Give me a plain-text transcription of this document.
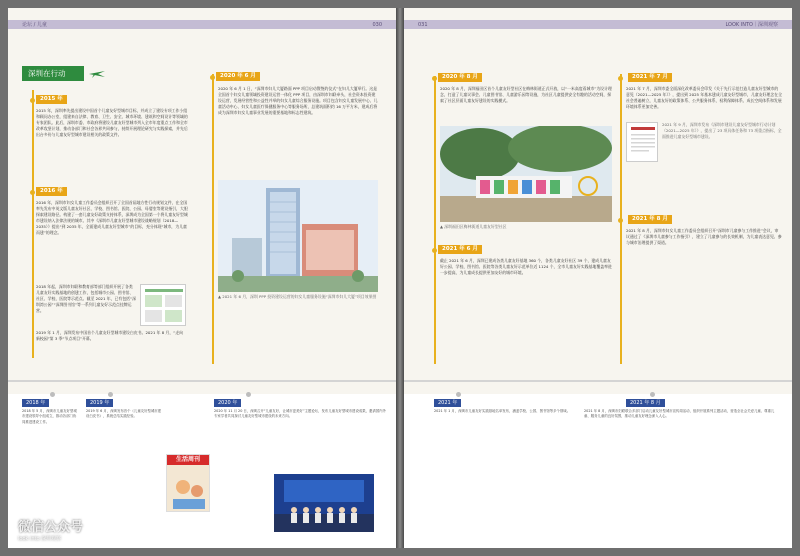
论坛 / 儿童	030
深圳在行动
2015 年
2015 年，深圳率先提出建设中国首个儿童友好型城市目标，并成立了建设专项工作小组和顾问办公室，组建来自法律、教育、卫生、安全、城市环境、建筑和空间设计等领域的专家团队。此后，深圳市委、市政府将建设儿童友好型城市列入全市年度重点工作和全市改革攻坚计划，推动各部门和社会各界共同参与，持续开展理论研究与实践探索，并先后出台多份与儿童友好型城市建设相关的政策文件。
2016 年
2016 年，深圳市妇女儿童工作委员会组织召开了全国首届地方性行动规划文件，在全国率先发布中英文版儿童友好社区、学校、图书馆、医院、公园、母婴室等建设指引，大胆探索建设路径。构建了一套儿童友好政策支持体系，深圳成为全国第一个将儿童友好型城市建设纳入法律法规的城市。其中《深圳市儿童友好型城市建设战略规划（2018—2035）》提出“到 2035 年，全面建成儿童友好型城市”的目标，充分体现“城市，为儿童而建”的理念。
2018 年起，深圳市妇联和教育部等部门组织开展了各类儿童友好实践基地的创建工作，包括城市公园、图书馆、社区、学校、医院等示范点。截至 2021 年，已有包括“深圳湾公园”“深圳图书馆”等一系列儿童友好示范点挂牌运营。
2019 年 1 月，深圳发布中国首个儿童友好型城市建设白皮书。2021 年 8 月，“走向新校园”第 3 季“节点项目”开幕。
2020 年 6 月
2020 年 6 月 1 日，“深圳市妇儿大厦路面 PPP 项目启动暨签约仪式”在妇儿大厦举行。这是全国首个妇女儿童领域投资建设运营一体化 PPP 项目，由深圳市妇联牵头，社会资本投资建设运营，发展经营性和公益性并举的妇女儿童综合服务设施。项目包含妇女儿童发展中心、儿童活动中心、妇女儿童医疗保健服务中心等服务场所，总建筑面积约 16 万平方米，建成后将成为深圳市妇女儿童事业发展的重要基地和标志性建筑。
▲ 2021 年 6 月，深圳 PPP 投资建设运营的妇女儿童服务设施“深圳市妇儿大厦”项目效果图
2018 年
2018 年 5 月，深圳市儿童友好型城市建设领导小组成立，推动各部门协同推进建设工作。
2019 年
2019 年 6 月，深圳发布首个《儿童友好型城市建设白皮书》，系统总结实践经验。
生活周刊
2020 年
2020 年 11 月 20 日，深圳召开“儿童友好，让城市更美好”主题论坛，发布儿童友好型城市建设成果，邀请国内外专家学者共同探讨儿童友好型城市建设的未来方向。
微信公众号
look into 深圳观察
031	LOOK INTO｜深圳观察
2020 年 8 月
2020 年 8 月，深圳福田区首个儿童友好型社区在梅林街道正式开放，以“一米高度看城市”为设计理念，打造了儿童议事会、儿童图书馆、儿童游乐园等设施，为社区儿童提供安全有趣的活动空间，探索了社区层面儿童友好建设的实践模式。
▲ 深圳福田区梅林街道儿童友好型社区
2021 年 6 月
截止 2021 年 6 月，深圳已建成各类儿童友好基地 360 个，各类儿童友好社区 39 个，建成儿童友好公园、学校、图书馆、医院等各类儿童友好示范单位近 1124 个，全市儿童友好实践基地覆盖率进一步提高，为儿童成长提供更加友好的城市环境。
2021 年 7 月
2021 年 7 月，深圳市委全面深化改革委员会印发《关于先行示范打造儿童友好型城市的意见（2021—2025 年）》，提出到 2025 年基本建成儿童友好型城市，儿童友好理念在全社会普遍树立，儿童友好的政策体系、公共服务体系、权利保障体系、成长空间体系和发展环境体系更加完善。
2021 年 9 月，深圳市发布《深圳市建设儿童友好型城市行动计划（2021—2025 年）》，提出了 23 项具体任务和 73 项重点指标，全面推进儿童友好型城市建设。
2021 年 8 月
2021 年 8 月，深圳市妇女儿童工作委员会组织召开“深圳市儿童参与工作推进”会议，审议通过了《深圳市儿童参与工作指引》，建立了儿童参与的长效机制，为儿童表达意见、参与城市治理提供了渠道。
2021 年
2021 年 1 月，深圳市儿童友好实践基地名单发布，涵盖学校、公园、图书馆等多个领域。
2021 年 8 月
2021 年 8 月，深圳市妇联联合多部门启动儿童友好型城市宣传周活动，组织开展系列主题活动，营造全社会关爱儿童、尊重儿童、服务儿童的良好氛围，推动儿童友好理念深入人心。
